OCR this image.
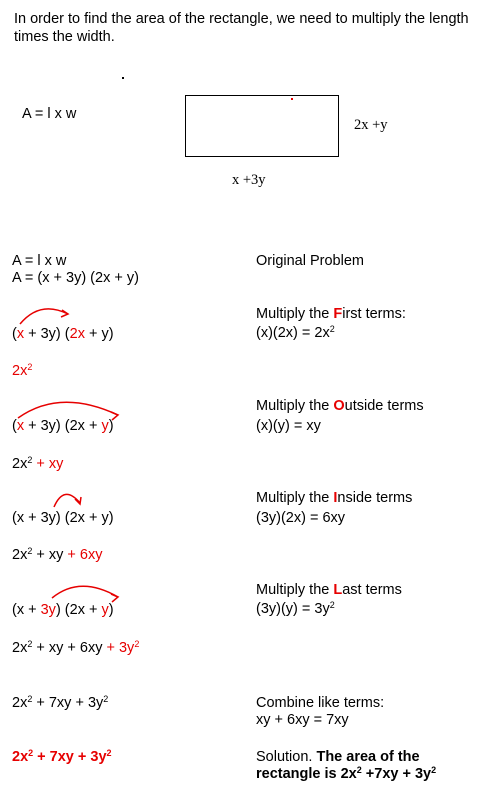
In order to find the area of the rectangle, we need to multiply the length times the width.
A = l x w
2x +y
x +3y
A = l x w
A = (x + 3y) (2x + y)
Original Problem
(x + 3y) (2x + y)
Multiply the First terms:
$(x)(2x) = 2x^2$
$2x^2$
(x + 3y) (2x + y)
Multiply the Outside terms
(x)(y) = xy
$2x^2$ + xy
(x + 3y) (2x + y)
Multiply the Inside terms
(3y)(2x) = 6xy
$2x^2$ + xy + 6xy
(x + 3y) (2x + y)
Multiply the Last terms
$(3y)(y) = 3y^2$
$2x^2$ + xy + $6xy + 3y^2$
$2x^2 + 7xy + 3y^2$	Combine like terms:
xy + 6xy = 7xy
$2x^2 + 7xy + 3y^2$	Solution. The area of the
rectangle is $2x^2 +7xy + 3y^2$
